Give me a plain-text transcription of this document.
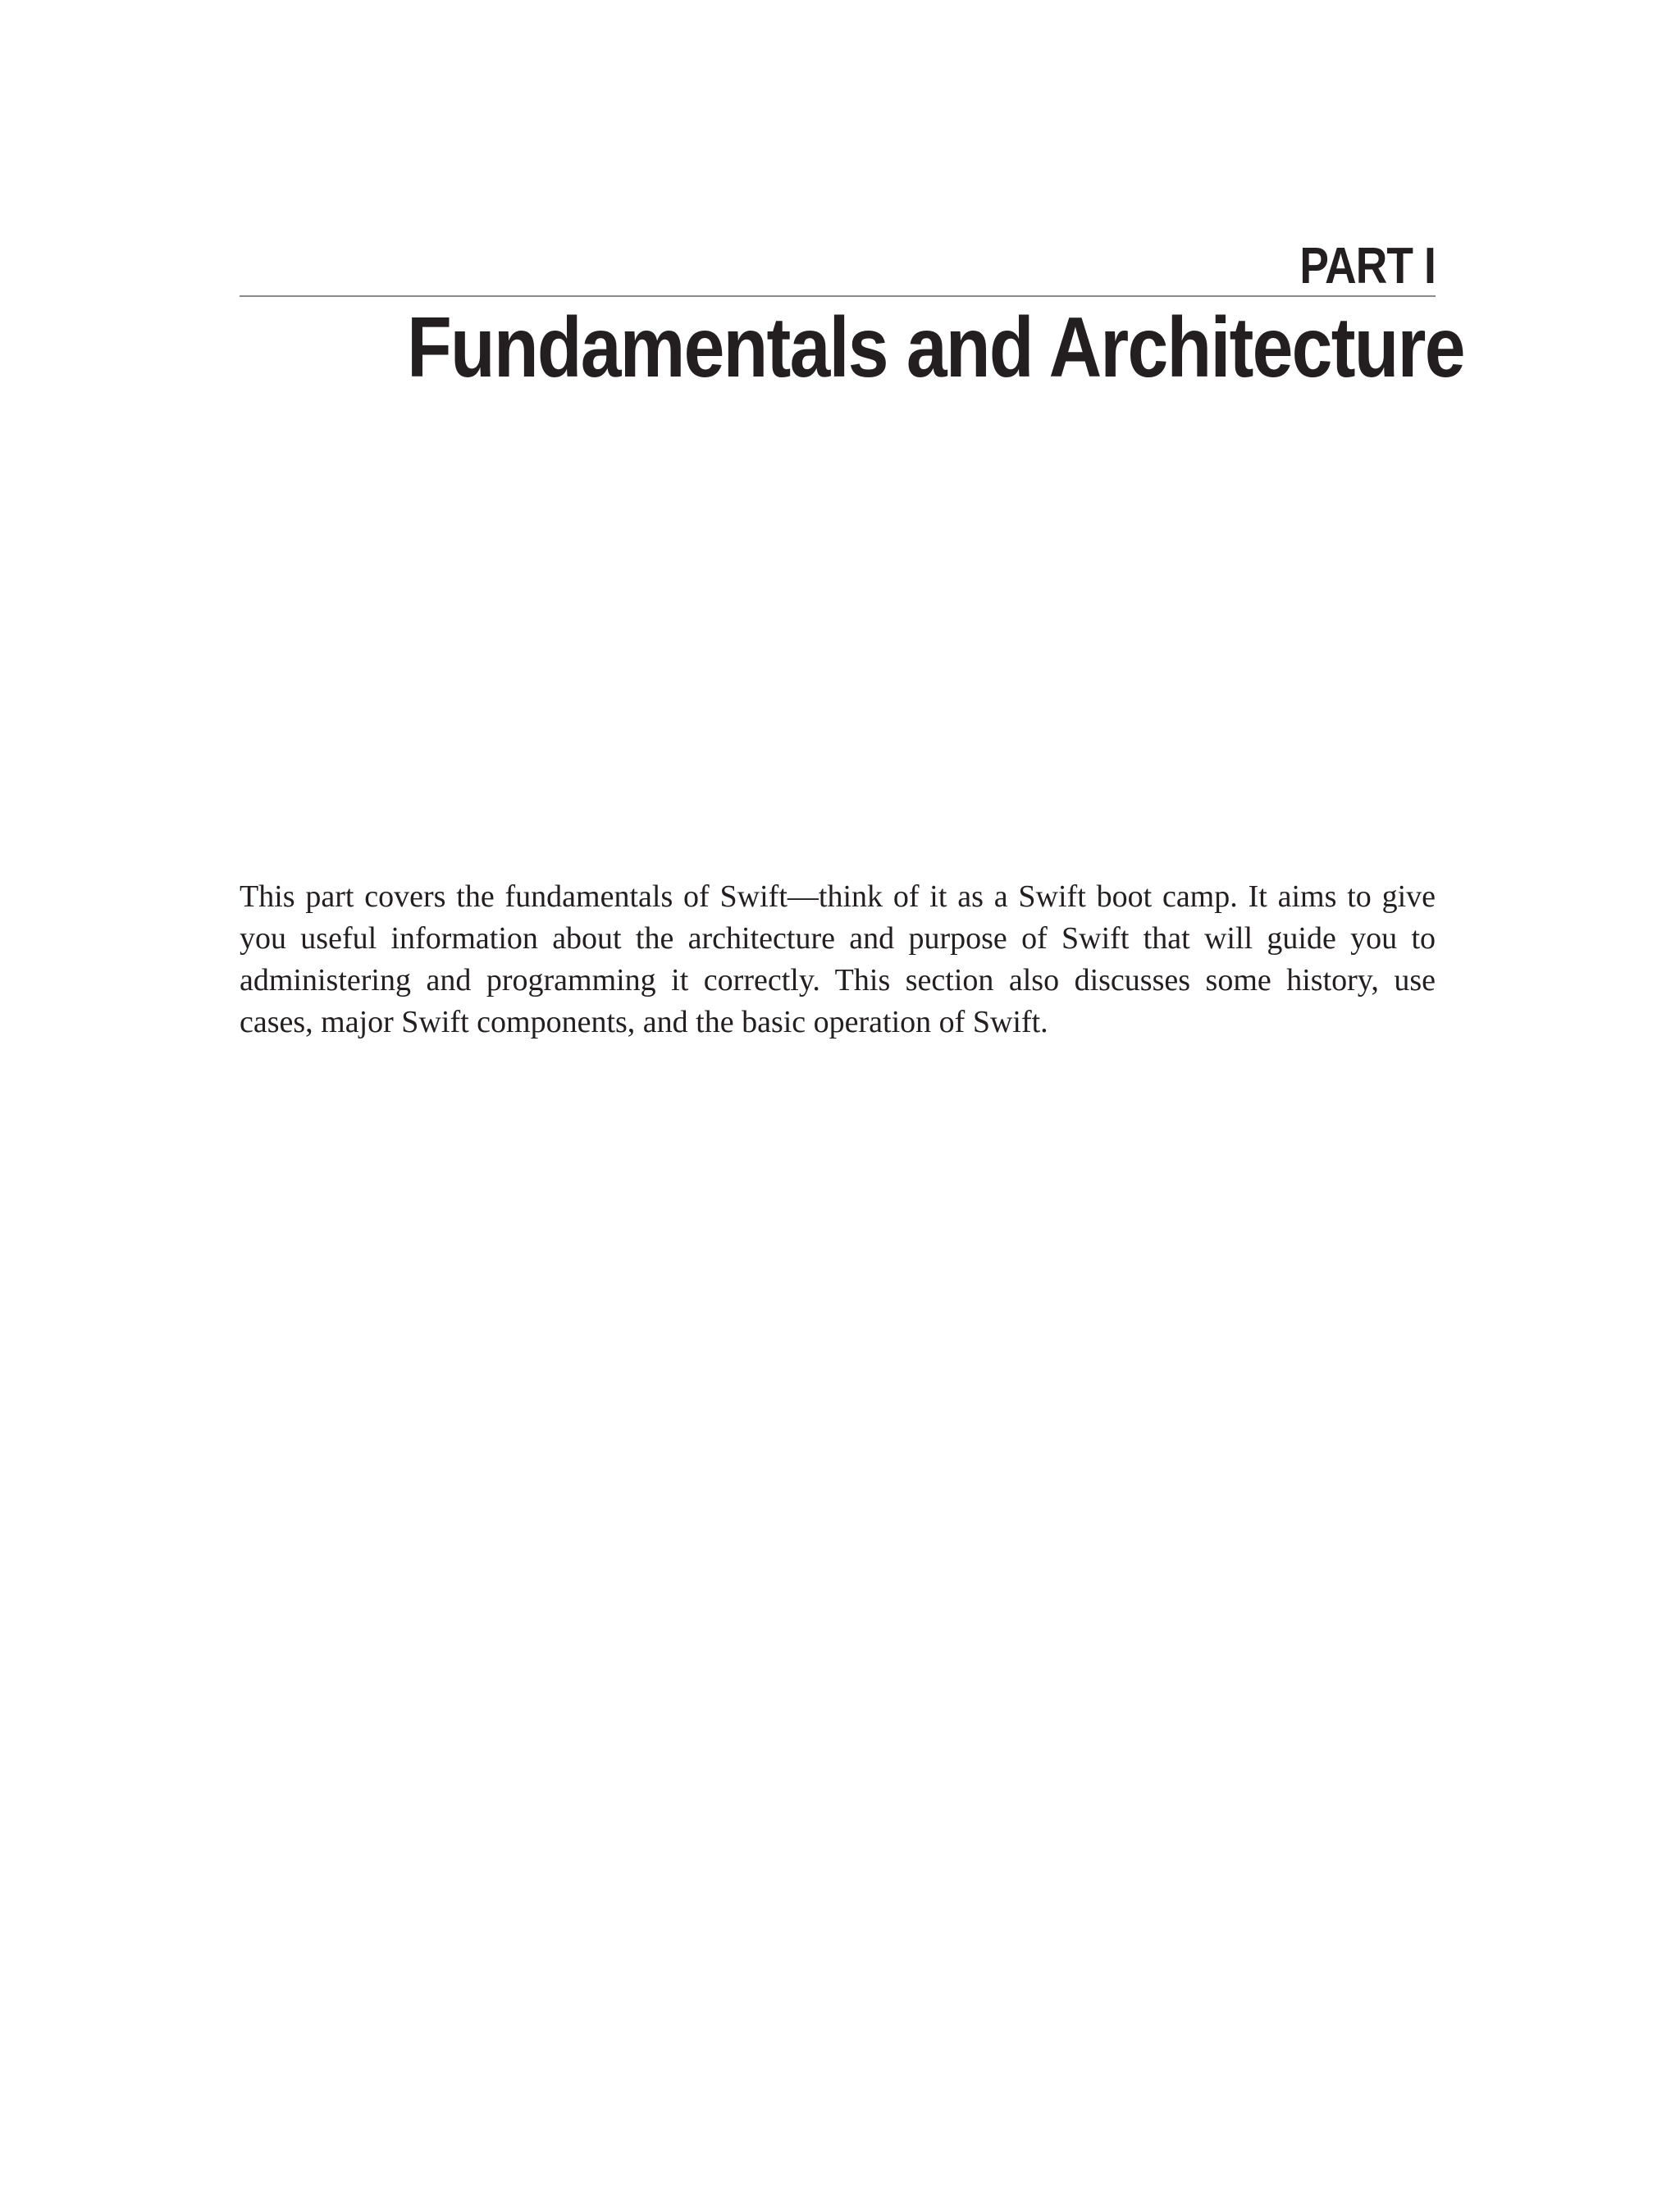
PART I
Fundamentals and Architecture

This part covers the fundamentals of Swift—think of it as a Swift boot camp. It aims to give you useful information about the architecture and purpose of Swift that will guide you to administering and programming it correctly. This section also discusses some history, use cases, major Swift components, and the basic operation of Swift.
